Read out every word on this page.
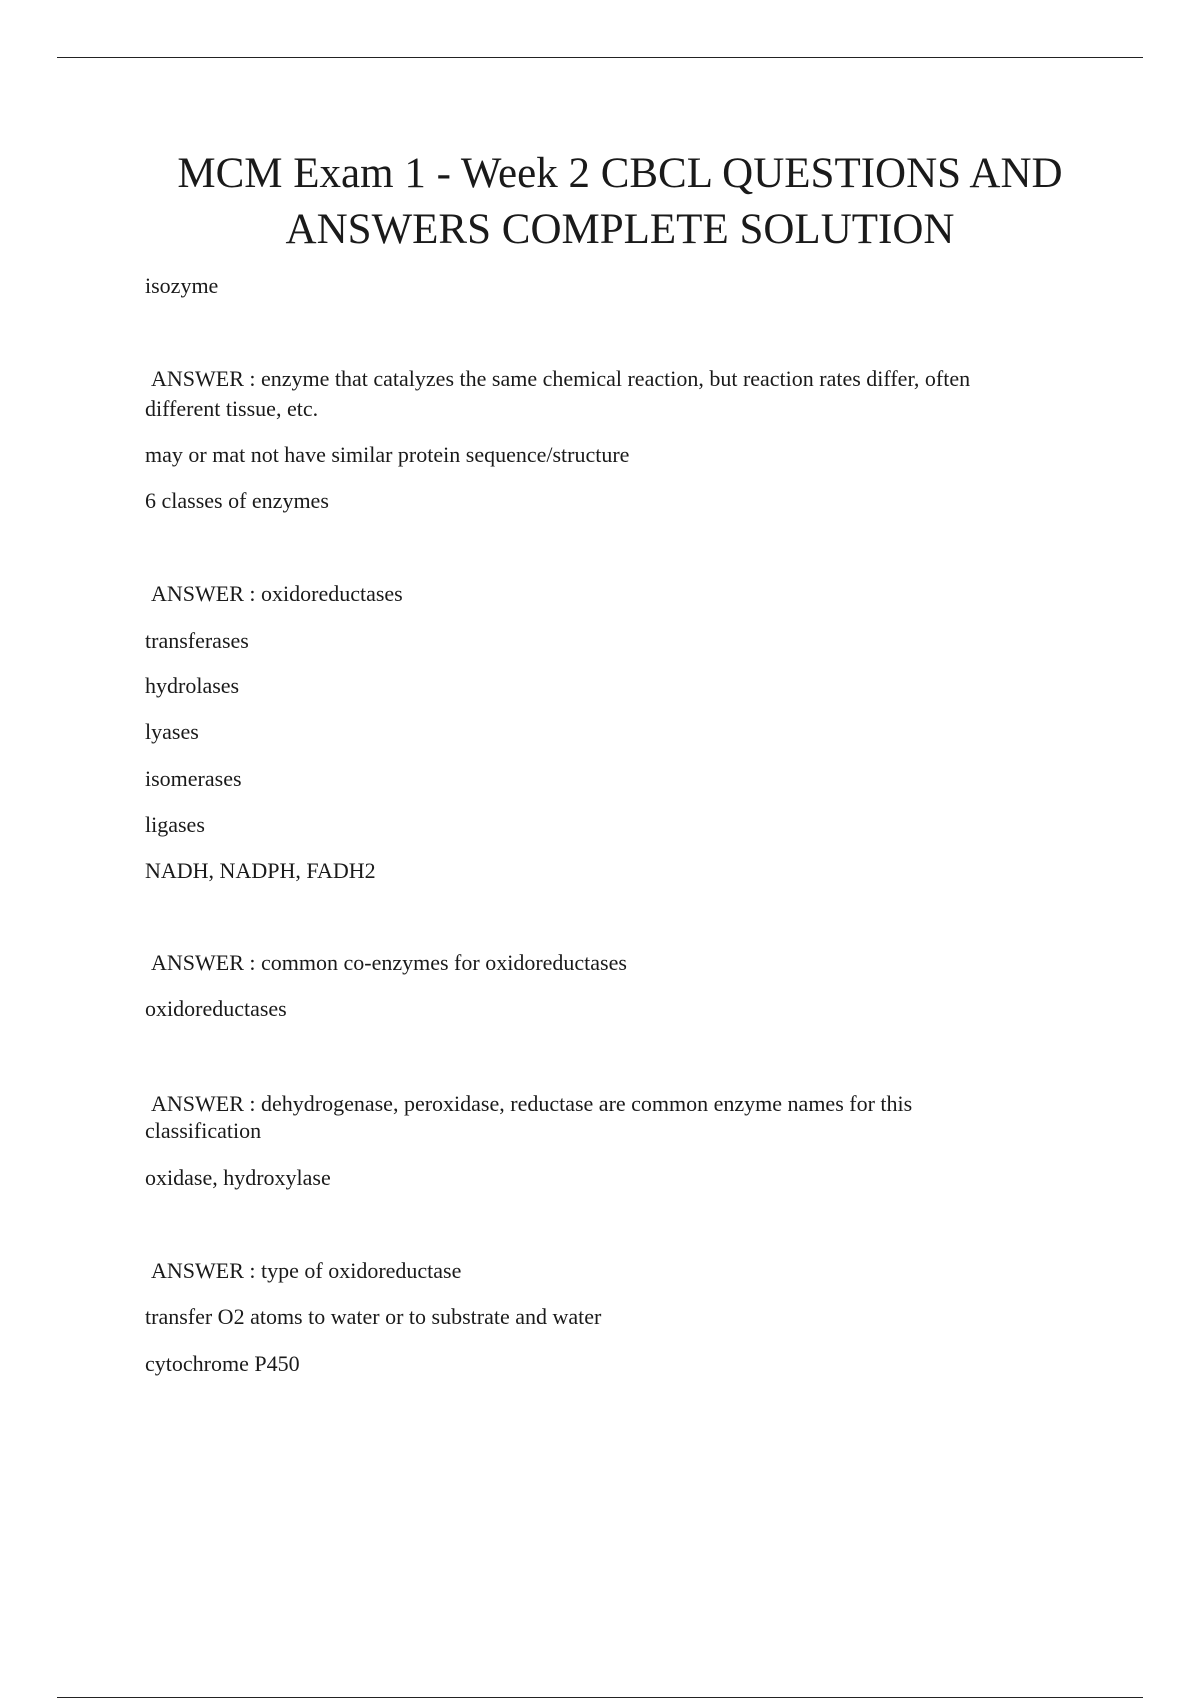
MCM Exam 1 - Week 2 CBCL QUESTIONS AND ANSWERS COMPLETE SOLUTION
isozyme
ANSWER : enzyme that catalyzes the same chemical reaction, but reaction rates differ, often
different tissue, etc.
may or mat not have similar protein sequence/structure
6 classes of enzymes
ANSWER : oxidoreductases
transferases
hydrolases
lyases
isomerases
ligases
NADH, NADPH, FADH2
ANSWER : common co-enzymes for oxidoreductases
oxidoreductases
ANSWER : dehydrogenase, peroxidase, reductase are common enzyme names for this
classification
oxidase, hydroxylase
ANSWER : type of oxidoreductase
transfer O2 atoms to water or to substrate and water
cytochrome P450
